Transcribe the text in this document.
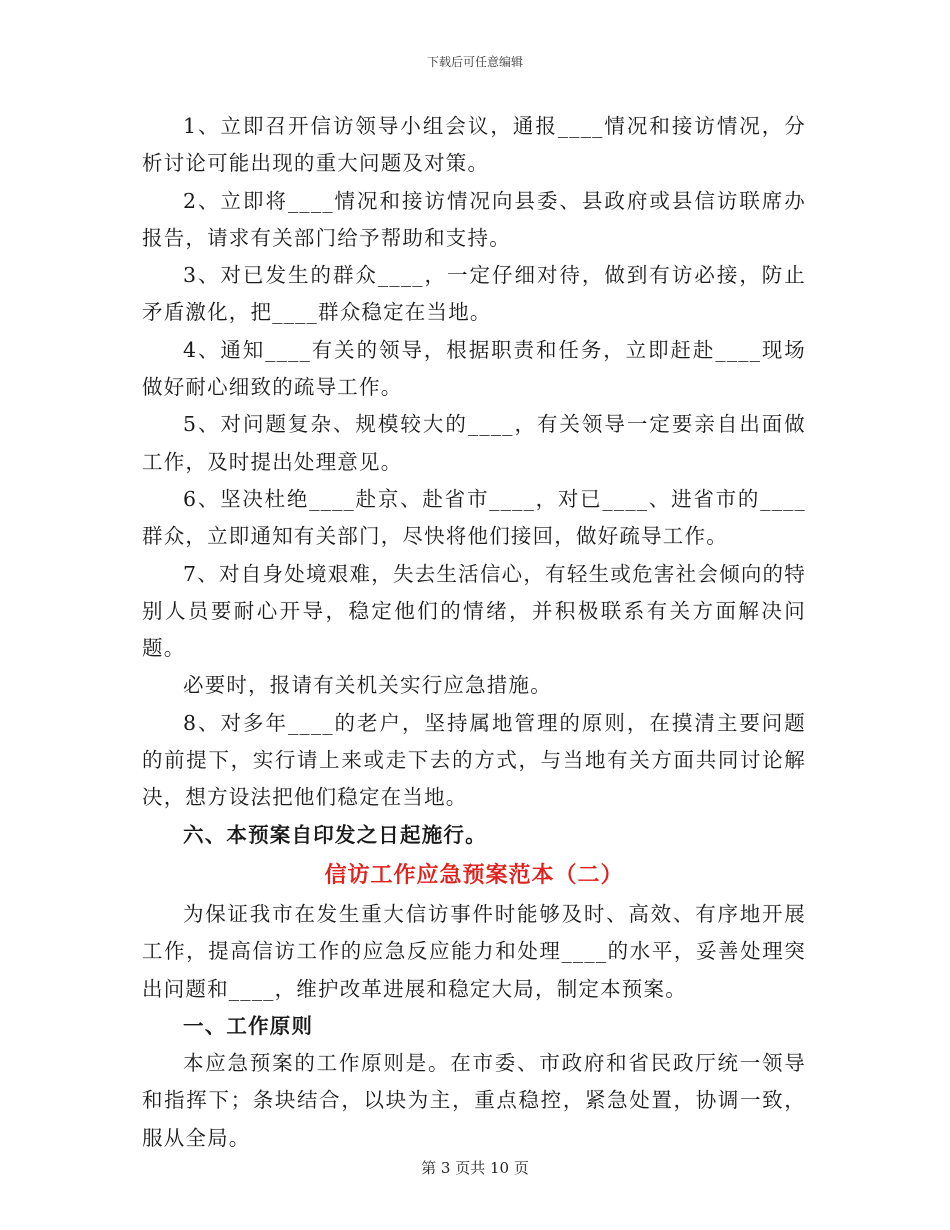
下载后可任意编辑

1、立即召开信访领导小组会议，通报____情况和接访情况，分析讨论可能出现的重大问题及对策。

2、立即将____情况和接访情况向县委、县政府或县信访联席办报告，请求有关部门给予帮助和支持。

3、对已发生的群众____，一定仔细对待，做到有访必接，防止矛盾激化，把____群众稳定在当地。

4、通知____有关的领导，根据职责和任务，立即赶赴____现场做好耐心细致的疏导工作。

5、对问题复杂、规模较大的____，有关领导一定要亲自出面做工作，及时提出处理意见。

6、坚决杜绝____赴京、赴省市____，对已____、进省市的____群众，立即通知有关部门，尽快将他们接回，做好疏导工作。

7、对自身处境艰难，失去生活信心，有轻生或危害社会倾向的特别人员要耐心开导，稳定他们的情绪，并积极联系有关方面解决问题。

必要时，报请有关机关实行应急措施。

8、对多年____的老户，坚持属地管理的原则，在摸清主要问题的前提下，实行请上来或走下去的方式，与当地有关方面共同讨论解决，想方设法把他们稳定在当地。

六、本预案自印发之日起施行。

信访工作应急预案范本（二）

为保证我市在发生重大信访事件时能够及时、高效、有序地开展工作，提高信访工作的应急反应能力和处理____的水平，妥善处理突出问题和____，维护改革进展和稳定大局，制定本预案。

一、工作原则

本应急预案的工作原则是。在市委、市政府和省民政厅统一领导和指挥下；条块结合，以块为主，重点稳控，紧急处置，协调一致，服从全局。

第 3 页共 10 页
